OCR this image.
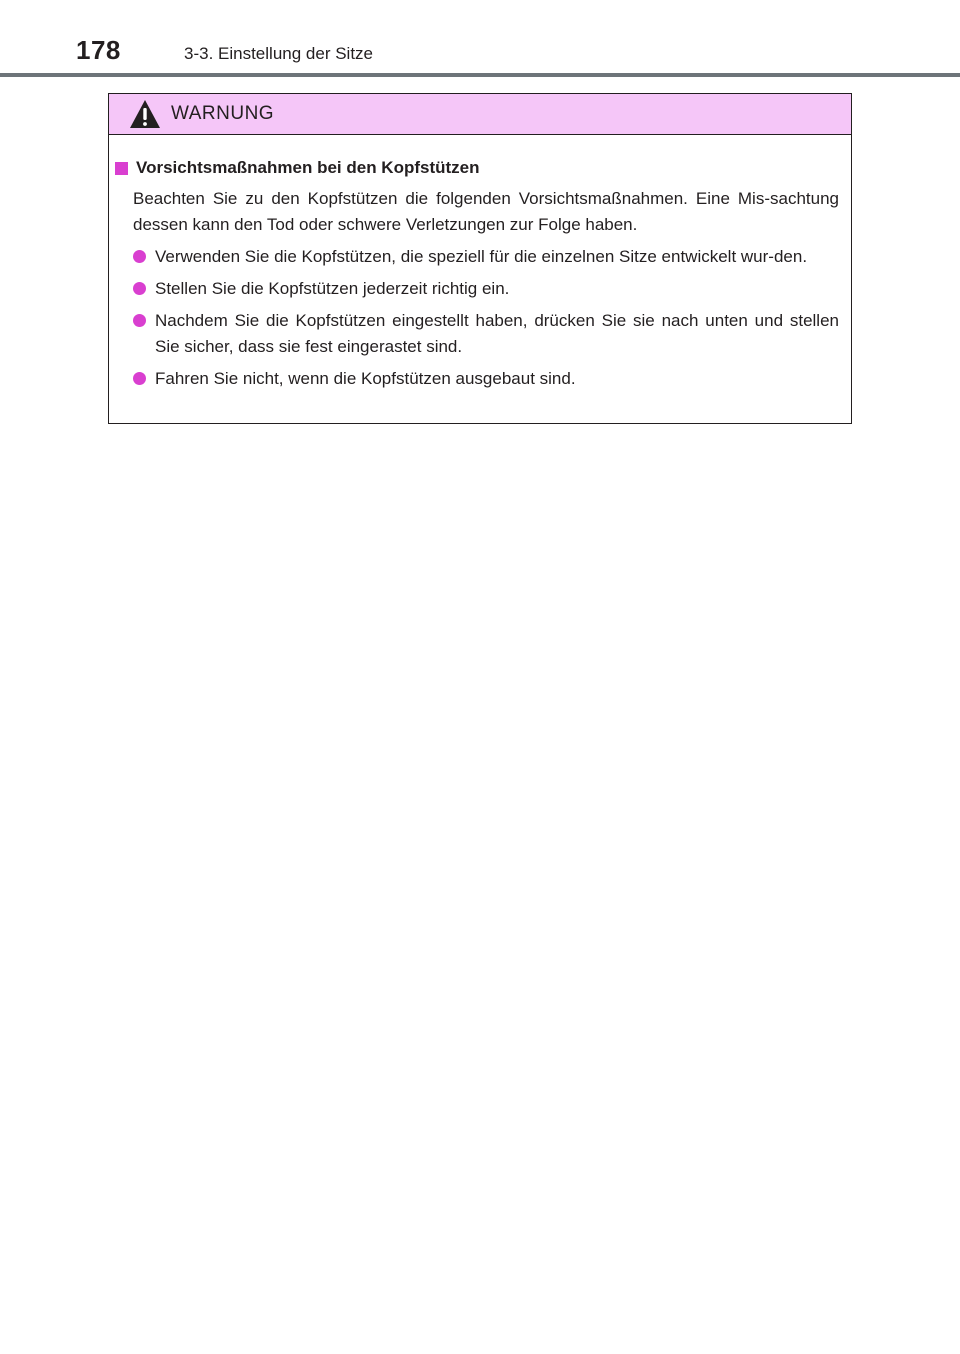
178	3-3. Einstellung der Sitze
WARNUNG

Vorsichtsmaßnahmen bei den Kopfstützen

Beachten Sie zu den Kopfstützen die folgenden Vorsichtsmaßnahmen. Eine Mis-sachtung dessen kann den Tod oder schwere Verletzungen zur Folge haben.

Verwenden Sie die Kopfstützen, die speziell für die einzelnen Sitze entwickelt wur-den.
Stellen Sie die Kopfstützen jederzeit richtig ein.
Nachdem Sie die Kopfstützen eingestellt haben, drücken Sie sie nach unten und stellen Sie sicher, dass sie fest eingerastet sind.
Fahren Sie nicht, wenn die Kopfstützen ausgebaut sind.
